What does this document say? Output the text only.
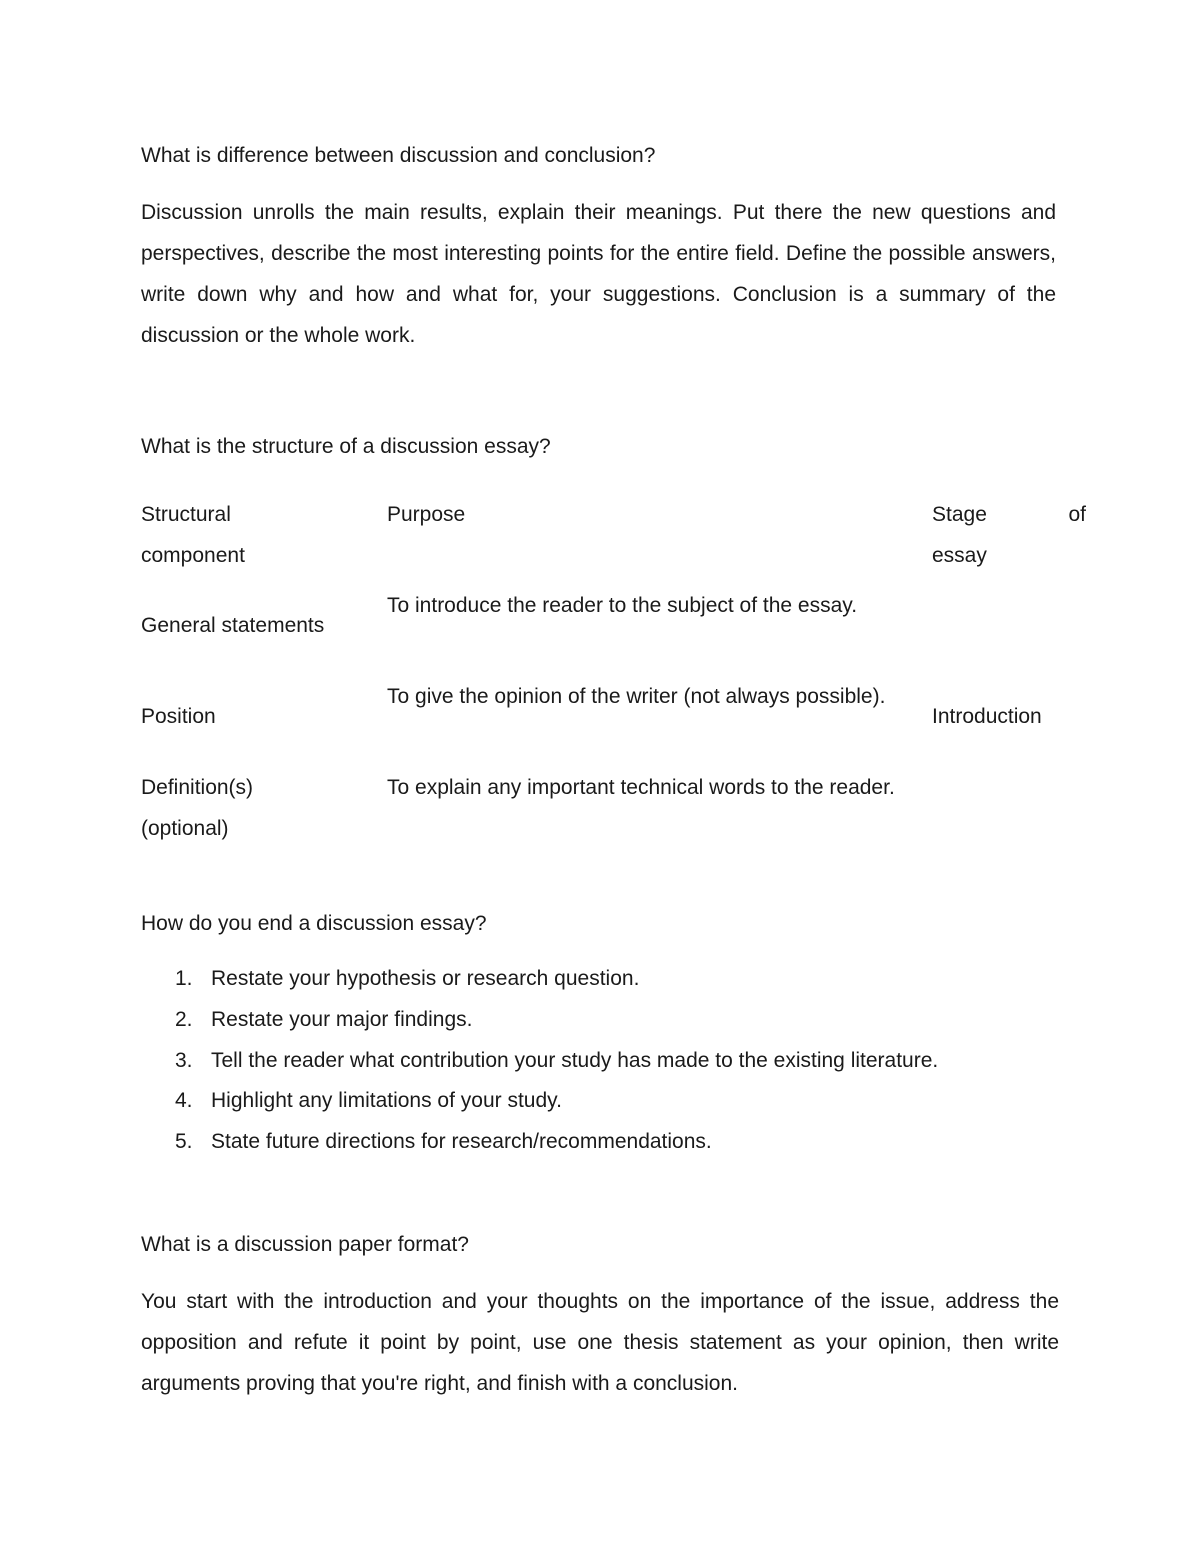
What is difference between discussion and conclusion?

Discussion unrolls the main results, explain their meanings. Put there the new questions and perspectives, describe the most interesting points for the entire field. Define the possible answers, write down why and how and what for, your suggestions. Conclusion is a summary of the discussion or the whole work.

What is the structure of a discussion essay?

Structural
component
Purpose	Stage	of
essay
General statements
To introduce the reader to the subject of the essay.
Position
To give the opinion of the writer (not always possible).
Introduction
Definition(s)
(optional)
To explain any important technical words to the reader.

How do you end a discussion essay?

1. Restate your hypothesis or research question.
2. Restate your major findings.
3. Tell the reader what contribution your study has made to the existing literature.
4. Highlight any limitations of your study.
5. State future directions for research/recommendations.

What is a discussion paper format?

You start with the introduction and your thoughts on the importance of the issue, address the opposition and refute it point by point, use one thesis statement as your opinion, then write arguments proving that you're right, and finish with a conclusion.
